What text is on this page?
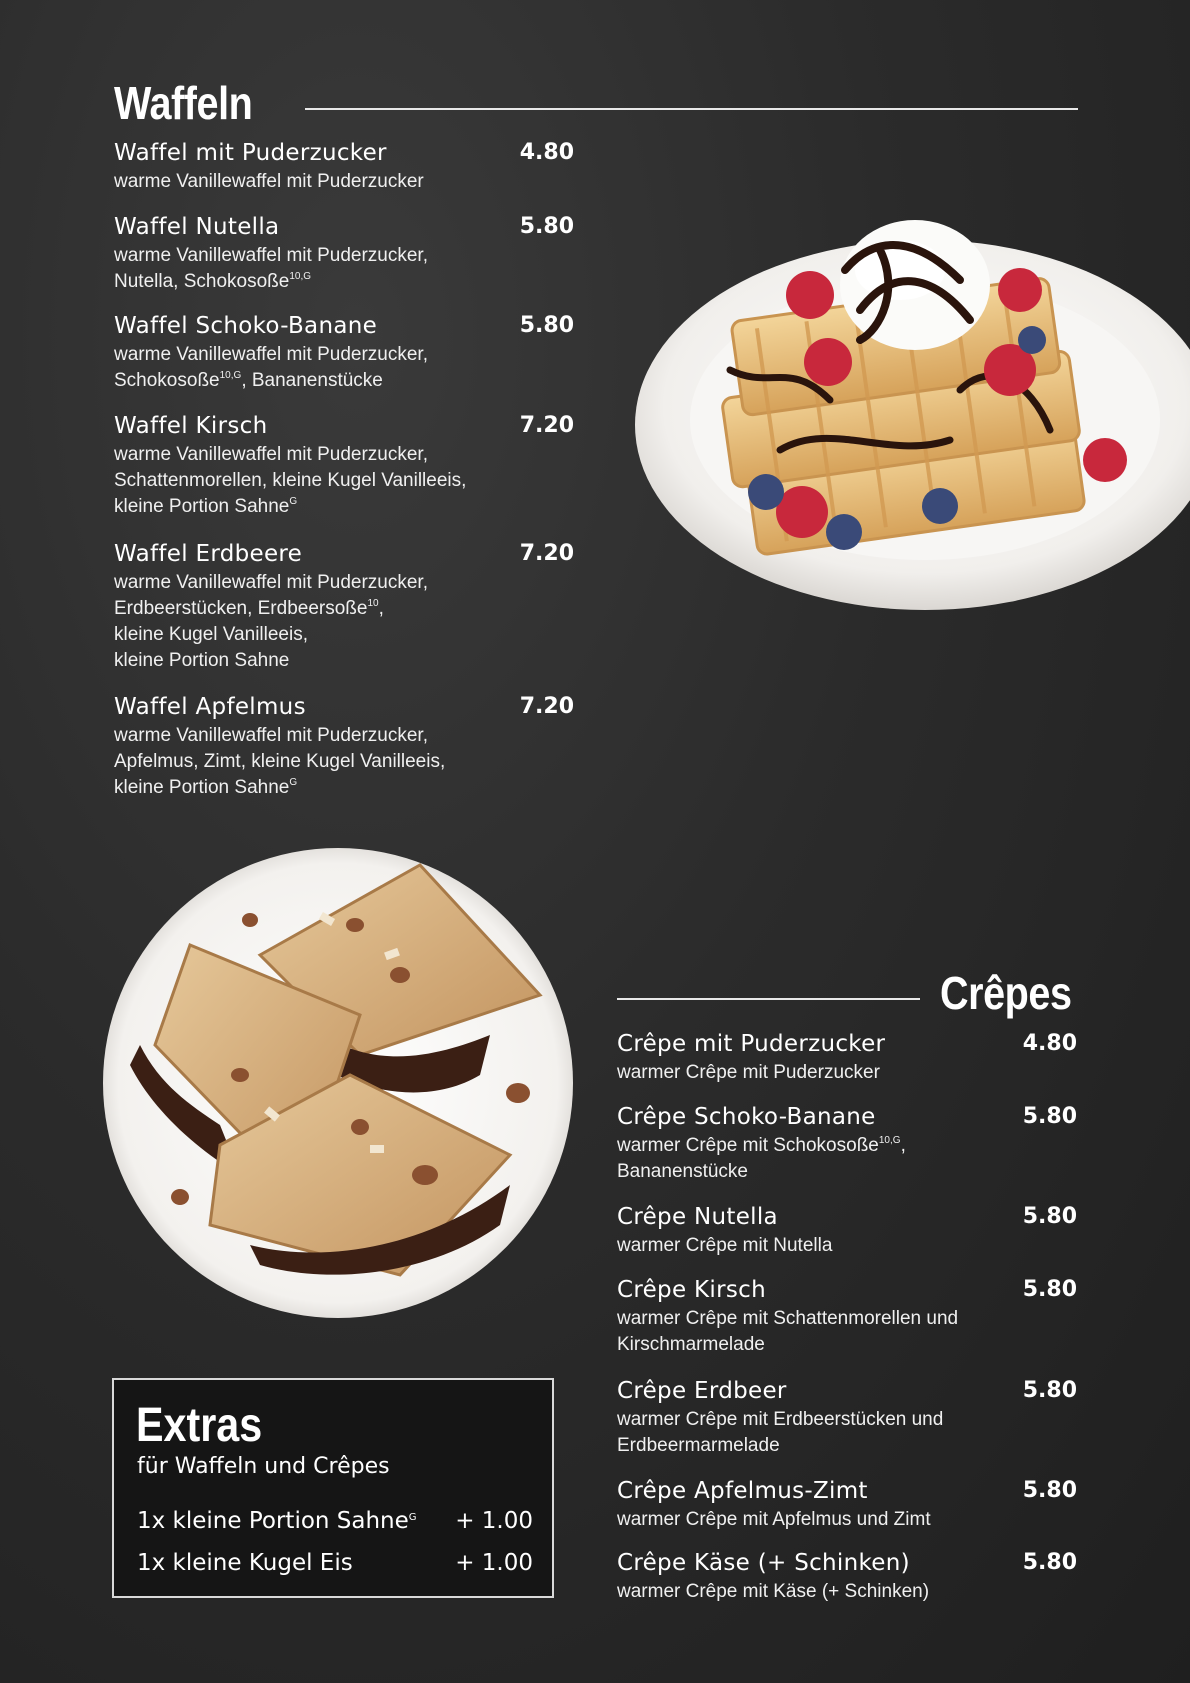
Waffeln
Waffel mit Puderzucker	4.80
warme Vanillewaffel mit Puderzucker
Waffel Nutella	5.80
warme Vanillewaffel mit Puderzucker,
Nutella, Schokosoße$^{10,G}$
Waffel Schoko-Banane	5.80
warme Vanillewaffel mit Puderzucker,
Schokosoße$^{10,G}$, Bananenstücke
Waffel Kirsch	7.20
warme Vanillewaffel mit Puderzucker,
Schattenmorellen, kleine Kugel Vanilleeis,
kleine Portion Sahne$^G$
Waffel Erdbeere	7.20
warme Vanillewaffel mit Puderzucker,
Erdbeerstücken, Erdbeersoße$^{10}$,
kleine Kugel Vanilleeis,
kleine Portion Sahne
Waffel Apfelmus	7.20
warme Vanillewaffel mit Puderzucker,
Apfelmus, Zimt, kleine Kugel Vanilleeis,
kleine Portion Sahne$^G$
Crêpes
Crêpe mit Puderzucker	4.80
warmer Crêpe mit Puderzucker
Crêpe Schoko-Banane	5.80
warmer Crêpe mit Schokosoße$^{10,G}$,
Bananenstücke
Crêpe Nutella	5.80
warmer Crêpe mit Nutella
Crêpe Kirsch	5.80
warmer Crêpe mit Schattenmorellen und
Kirschmarmelade
Crêpe Erdbeer	5.80
warmer Crêpe mit Erdbeerstücken und
Erdbeermarmelade
Crêpe Apfelmus-Zimt	5.80
warmer Crêpe mit Apfelmus und Zimt
Crêpe Käse (+ Schinken)	5.80
warmer Crêpe mit Käse (+ Schinken)
Extras
für Waffeln und Crêpes
1x kleine Portion Sahne$^G$ + 1.00
1x kleine Kugel Eis	+ 1.00
